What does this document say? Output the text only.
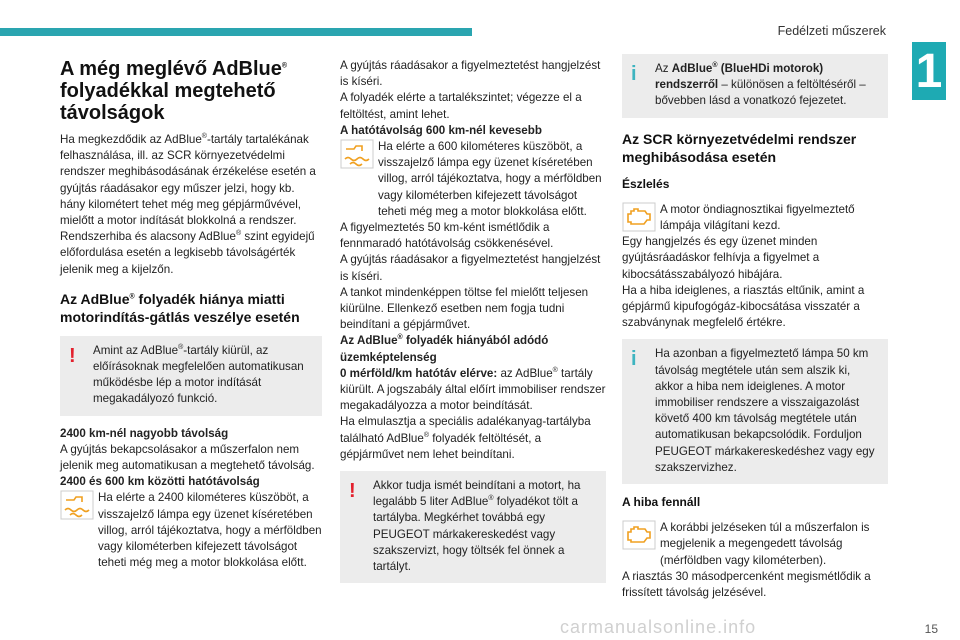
Fedélzeti műszerek
1
A még meglévő AdBlue®
folyadékkal megtehető távolságok

Ha megkezdődik az AdBlue®-tartály tartalékának felhasználása, ill. az SCR környezetvédelmi rendszer meghibásodásának érzékelése esetén a gyújtás ráadásakor egy műszer jelzi, hogy kb. hány kilométert tehet még meg gépjárművével, mielőtt a motor indítását blokkolná a rendszer. Rendszerhiba és alacsony AdBlue® szint egyidejű előfordulása esetén a legkisebb távolságérték jelenik meg a kijelzőn.

Az AdBlue® folyadék hiánya miatti motorindítás-gátlás veszélye esetén
!	Amint az AdBlue®-tartály kiürül, az előírásoknak megfelelően automatikusan működésbe lép a motor indítását megakadályozó funkció.

2400 km-nél nagyobb távolság

A gyújtás bekapcsolásakor a műszerfalon nem jelenik meg automatikusan a megtehető távolság.

2400 és 600 km közötti hatótávolság

Ha elérte a 2400 kilométeres küszöböt, a visszajelző lámpa egy üzenet kíséretében villog, arról tájékoztatva, hogy a mérföldben vagy kilométerben kifejezett távolságot teheti még meg a motor blokkolása előtt.

A gyújtás ráadásakor a figyelmeztetést hangjelzést is kíséri.

A folyadék elérte a tartalékszintet; végezze el a feltöltést, amint lehet.

A hatótávolság 600 km-nél kevesebb

Ha elérte a 600 kilométeres küszöböt, a visszajelző lámpa egy üzenet kíséretében villog, arról tájékoztatva, hogy a mérföldben vagy kilométerben kifejezett távolságot teheti még meg a motor blokkolása előtt.

A figyelmeztetés 50 km-ként ismétlődik a fennmaradó hatótávolság csökkenésével.

A gyújtás ráadásakor a figyelmeztetést hangjelzést is kíséri.

A tankot mindenképpen töltse fel mielőtt teljesen kiürülne. Ellenkező esetben nem fogja tudni beindítani a gépjárművet.

Az AdBlue® folyadék hiányából adódó üzemképtelenség

0 mérföld/km hatótáv elérve: az AdBlue® tartály kiürült. A jogszabály által előírt immobiliser rendszer megakadályozza a motor beindítását.

Ha elmulasztja a speciális adalékanyag-tartályba található AdBlue® folyadék feltöltését, a gépjárművet nem lehet beindítani.

!	Akkor tudja ismét beindítani a motort, ha legalább 5 liter AdBlue® folyadékot tölt a tartályba. Megkérhet továbbá egy PEUGEOT márkakereskedést vagy szakszervizt, hogy töltsék fel önnek a tartályt.

i	Az AdBlue® (BlueHDi motorok) rendszerről – különösen a feltöltéséről – bővebben lásd a vonatkozó fejezetet.

Az SCR környezetvédelmi rendszer meghibásodása esetén
Észlelés

A motor öndiagnosztikai figyelmeztető lámpája világítani kezd.

Egy hangjelzés és egy üzenet minden gyújtásráadáskor felhívja a figyelmet a kibocsátásszabályozó hibájára.

Ha a hiba ideiglenes, a riasztás eltűnik, amint a gépjármű kipufogógáz-kibocsátása visszatér a szabványnak megfelelő értékre.

i	Ha azonban a figyelmeztető lámpa 50 km távolság megtétele után sem alszik ki, akkor a hiba nem ideiglenes. A motor immobiliser rendszere a visszaigazolást követő 400 km távolság megtétele után automatikusan bekapcsolódik. Forduljon PEUGEOT márkakereskedéshez vagy egy szakszervizhez.

A hiba fennáll

A korábbi jelzéseken túl a műszerfalon is megjelenik a megengedett távolság (mérföldben vagy kilométerben).

A riasztás 30 másodpercenként megismétlődik a frissített távolság jelzésével.

carmanualsonline.info	15
